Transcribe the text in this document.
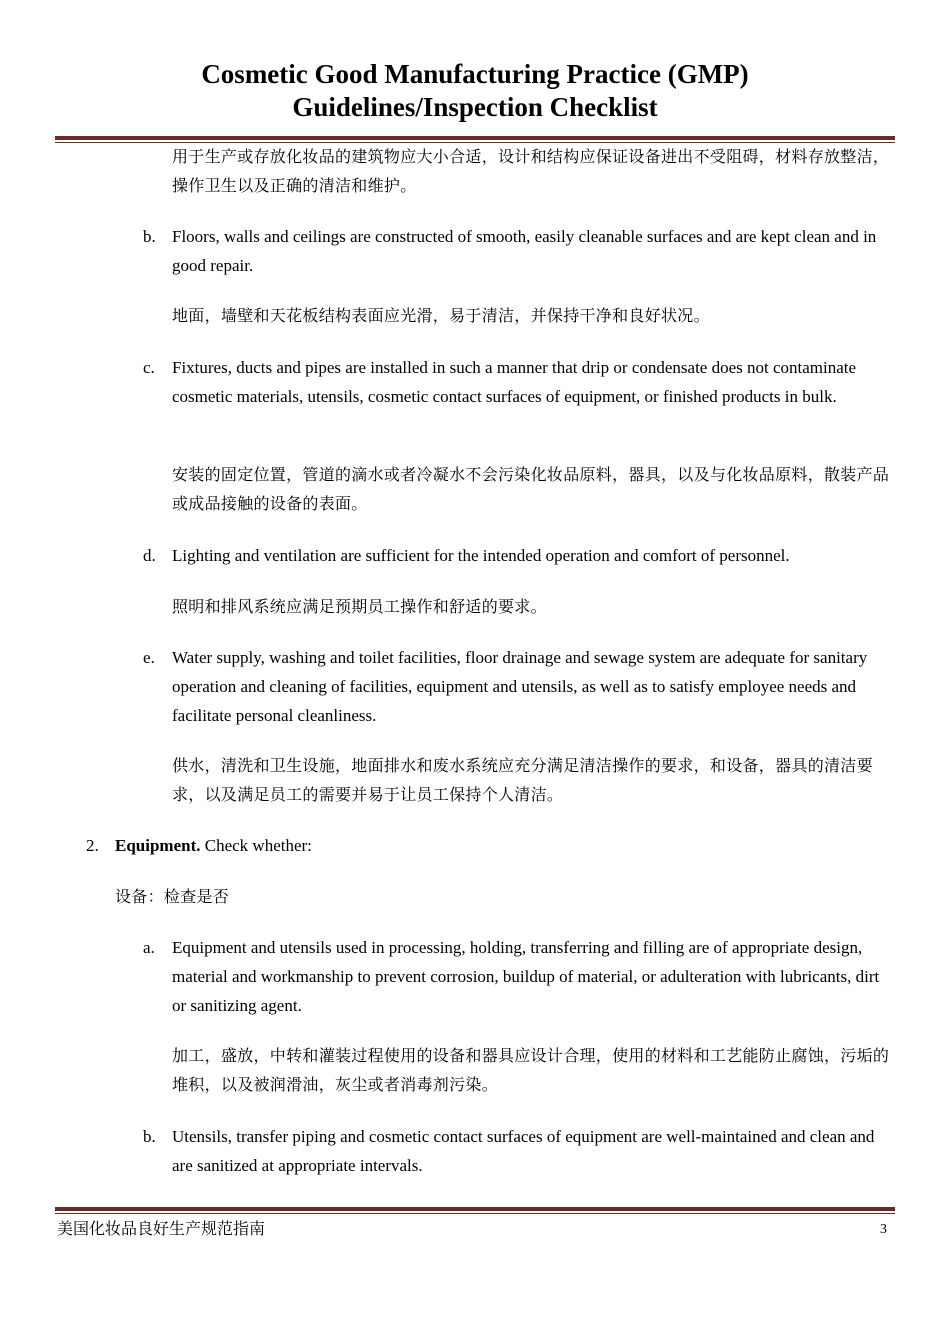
Cosmetic Good Manufacturing Practice (GMP)
Guidelines/Inspection Checklist

用于生产或存放化妆品的建筑物应大小合适，设计和结构应保证设备进出不受阻碍，材料存放整洁，操作卫生以及正确的清洁和维护。

b. Floors, walls and ceilings are constructed of smooth, easily cleanable surfaces and are kept clean and in good repair.

地面，墙壁和天花板结构表面应光滑，易于清洁，并保持干净和良好状况。

c. Fixtures, ducts and pipes are installed in such a manner that drip or condensate does not contaminate cosmetic materials, utensils, cosmetic contact surfaces of equipment, or finished products in bulk.

安装的固定位置，管道的滴水或者冷凝水不会污染化妆品原料，器具，以及与化妆品原料，散装产品或成品接触的设备的表面。

d. Lighting and ventilation are sufficient for the intended operation and comfort of personnel.

照明和排风系统应满足预期员工操作和舒适的要求。

e. Water supply, washing and toilet facilities, floor drainage and sewage system are adequate for sanitary operation and cleaning of facilities, equipment and utensils, as well as to satisfy employee needs and facilitate personal cleanliness.

供水，清洗和卫生设施，地面排水和废水系统应充分满足清洁操作的要求，和设备，器具的清洁要求，以及满足员工的需要并易于让员工保持个人清洁。

2. Equipment. Check whether:

设备：检查是否

a. Equipment and utensils used in processing, holding, transferring and filling are of appropriate design, material and workmanship to prevent corrosion, buildup of material, or adulteration with lubricants, dirt or sanitizing agent.

加工，盛放，中转和灌装过程使用的设备和器具应设计合理，使用的材料和工艺能防止腐蚀，污垢的堆积，以及被润滑油，灰尘或者消毒剂污染。

b. Utensils, transfer piping and cosmetic contact surfaces of equipment are well-maintained and clean and are sanitized at appropriate intervals.

美国化妆品良好生产规范指南	3
